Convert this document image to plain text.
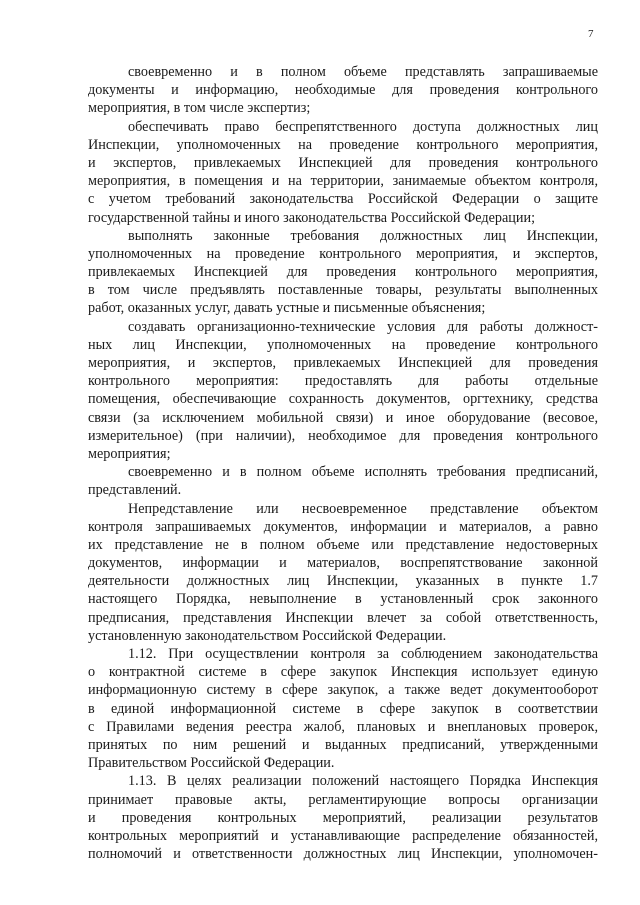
7
своевременно и в полном объеме представлять запрашиваемые
документы и информацию, необходимые для проведения контрольного
мероприятия, в том числе экспертиз;
обеспечивать право беспрепятственного доступа должностных лиц
Инспекции, уполномоченных на проведение контрольного мероприятия,
и экспертов, привлекаемых Инспекцией для проведения контрольного
мероприятия, в помещения и на территории, занимаемые объектом контроля,
с учетом требований законодательства Российской Федерации о защите
государственной тайны и иного законодательства Российской Федерации;
выполнять законные требования должностных лиц Инспекции,
уполномоченных на проведение контрольного мероприятия, и экспертов,
привлекаемых Инспекцией для проведения контрольного мероприятия,
в том числе предъявлять поставленные товары, результаты выполненных
работ, оказанных услуг, давать устные и письменные объяснения;
создавать организационно-технические условия для работы должност-
ных лиц Инспекции, уполномоченных на проведение контрольного
мероприятия, и экспертов, привлекаемых Инспекцией для проведения
контрольного мероприятия: предоставлять для работы отдельные
помещения, обеспечивающие сохранность документов, оргтехнику, средства
связи (за исключением мобильной связи) и иное оборудование (весовое,
измерительное) (при наличии), необходимое для проведения контрольного
мероприятия;
своевременно и в полном объеме исполнять требования предписаний,
представлений.
Непредставление или несвоевременное представление объектом
контроля запрашиваемых документов, информации и материалов, а равно
их представление не в полном объеме или представление недостоверных
документов, информации и материалов, воспрепятствование законной
деятельности должностных лиц Инспекции, указанных в пункте 1.7
настоящего Порядка, невыполнение в установленный срок законного
предписания, представления Инспекции влечет за собой ответственность,
установленную законодательством Российской Федерации.
1.12. При осуществлении контроля за соблюдением законодательства
о контрактной системе в сфере закупок Инспекция использует единую
информационную систему в сфере закупок, а также ведет документооборот
в единой информационной системе в сфере закупок в соответствии
с Правилами ведения реестра жалоб, плановых и внеплановых проверок,
принятых по ним решений и выданных предписаний, утвержденными
Правительством Российской Федерации.
1.13. В целях реализации положений настоящего Порядка Инспекция
принимает правовые акты, регламентирующие вопросы организации
и проведения контрольных мероприятий, реализации результатов
контрольных мероприятий и устанавливающие распределение обязанностей,
полномочий и ответственности должностных лиц Инспекции, уполномочен-
